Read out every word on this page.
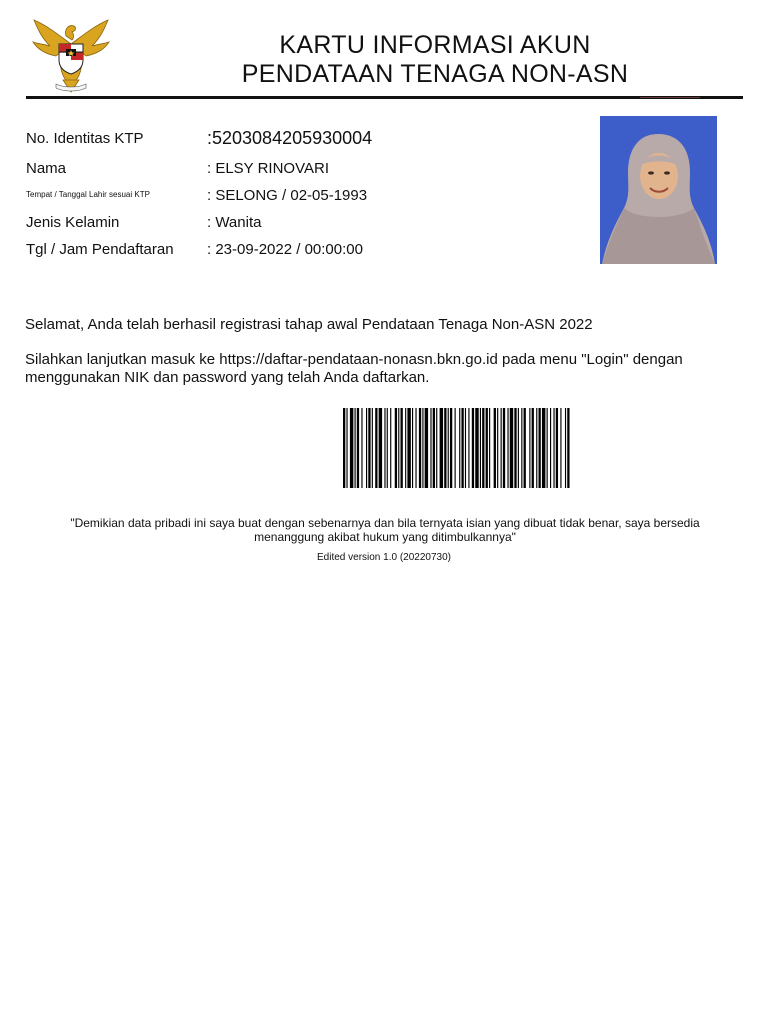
KARTU INFORMASI AKUN
PENDATAAN TENAGA NON-ASN
No. Identitas KTP	:5203084205930004
Nama	: ELSY RINOVARI
Tempat / Tanggal Lahir sesuai KTP	: SELONG / 02-05-1993
Jenis Kelamin	: Wanita
Tgl / Jam Pendaftaran : 23-09-2022 / 00:00:00
Selamat, Anda telah berhasil registrasi tahap awal Pendataan Tenaga Non-ASN 2022
Silahkan lanjutkan masuk ke https://daftar-pendataan-nonasn.bkn.go.id pada menu "Login" dengan menggunakan NIK dan password yang telah Anda daftarkan.
"Demikian data pribadi ini saya buat dengan sebenarnya dan bila ternyata isian yang dibuat tidak benar, saya bersedia menanggung akibat hukum yang ditimbulkannya"
Edited version 1.0 (20220730)
